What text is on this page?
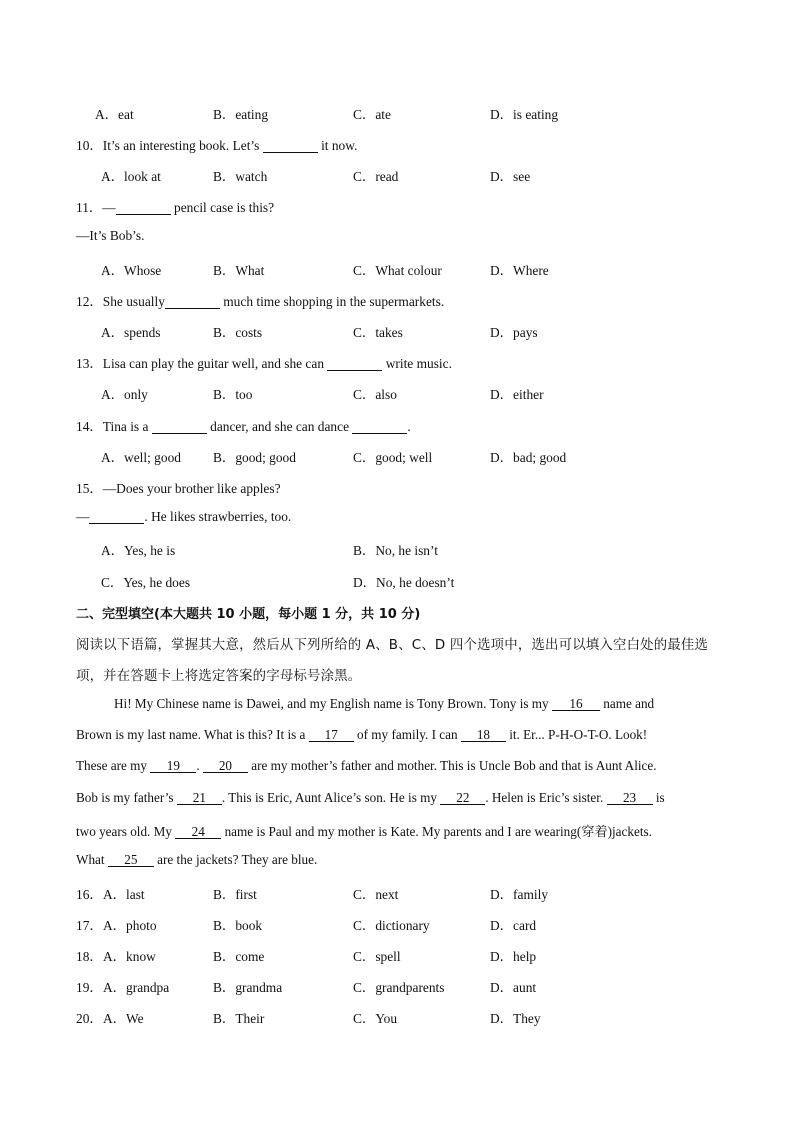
A．eat	B．eating	C．ate	D．is eating
10．It’s an interesting book. Let’s	it now.
A．look at	B．watch	C．read	D．see
11．—	pencil case is this?
—It’s Bob’s.
A．Whose	B．What	C．What colour	D．Where
12．She usually	much time shopping in the supermarkets.
A．spends	B．costs	C．takes	D．pays
13．Lisa can play the guitar well, and she can	write music.
A．only	B．too	C．also	D．either
14．Tina is a	dancer, and she can dance	.
A．well; good B．good; good	C．good; well	D．bad; good
15．—Does your brother like apples?
—	. He likes strawberries, too.
A．Yes, he is	B．No, he isn’t
C．Yes, he does	D．No, he doesn’t
二、完型填空(本大题共 10 小题，每小题 1 分，共 10 分)
阅读以下语篇，掌握其大意，然后从下列所给的 A、B、C、D 四个选项中，选出可以填入空白处的最佳选
项，并在答题卡上将选定答案的字母标号涂黑。
Hi! My Chinese name is Dawei, and my English name is Tony Brown. Tony is my 16 name and
Brown is my last name. What is this? It is a 17 of my family. I can 18 it. Er... P-H-O-T-O. Look!
These are my 19 . 20 are my mother’s father and mother. This is Uncle Bob and that is Aunt Alice.
Bob is my father’s 21 . This is Eric, Aunt Alice’s son. He is my 22 . Helen is Eric’s sister. 23 is
two years old. My 24 name is Paul and my mother is Kate. My parents and I are wearing(穿着)jackets.
What 25 are the jackets? They are blue.
16． A．last	B．first	C．next	D．family
17． A．photo	B．book	C．dictionary	D．card
18． A．know	B．come	C．spell	D．help
19． A．grandpa	B．grandma	C．grandparents	D．aunt
20． A．We	B．Their	C．You	D．They
